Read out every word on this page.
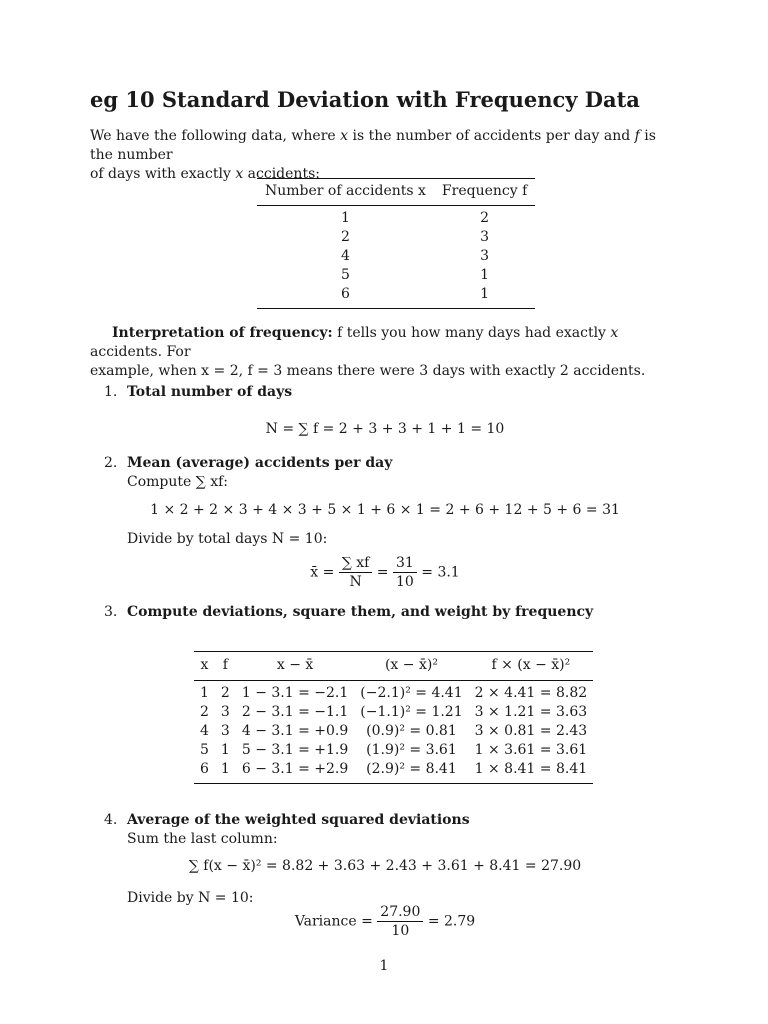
eg 10 Standard Deviation with Frequency Data
We have the following data, where x is the number of accidents per day and f is the number
of days with exactly x accidents:
Number of accidents x	Frequency f
1	2
2	3
4	3
5	1
6	1
Interpretation of frequency: f tells you how many days had exactly x accidents. For
example, when x = 2, f = 3 means there were 3 days with exactly 2 accidents.
1. Total number of days
N = ∑ f = 2 + 3 + 3 + 1 + 1 = 10
2. Mean (average) accidents per day
Compute ∑ xf:
1 × 2 + 2 × 3 + 4 × 3 + 5 × 1 + 6 × 1 = 2 + 6 + 12 + 5 + 6 = 31
Divide by total days N = 10:
x̄ = $\frac{\sum xf}{N} = \frac{31}{10} = 3.1$
3. Compute deviations, square them, and weight by frequency
x	f	x − x̄	(x − x̄)²	f × (x − x̄)²
1	2	1 − 3.1 = −2.1	(−2.1)² = 4.41	2 × 4.41 = 8.82
2	3	2 − 3.1 = −1.1	(−1.1)² = 1.21	3 × 1.21 = 3.63
4	3	4 − 3.1 = +0.9	(0.9)² = 0.81	3 × 0.81 = 2.43
5	1	5 − 3.1 = +1.9	(1.9)² = 3.61	1 × 3.61 = 3.61
6	1	6 − 3.1 = +2.9	(2.9)² = 8.41	1 × 8.41 = 8.41
4. Average of the weighted squared deviations
Sum the last column:
∑ f(x − x̄)² = 8.82 + 3.63 + 2.43 + 3.61 + 8.41 = 27.90
Divide by N = 10:
Variance = $\frac{27.90}{10} = 2.79$
1
